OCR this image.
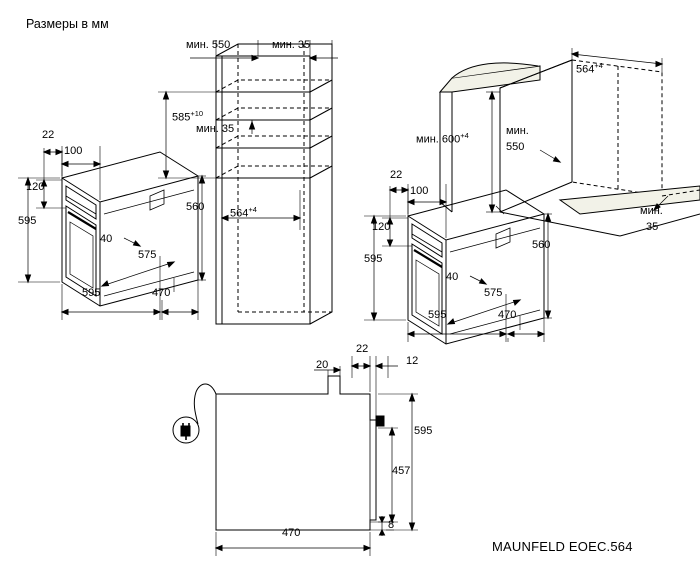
Размеры в мм
22
100
120
595
40
575
595	470
560
мин. 550	мин. 35
$585^{+10}$
мин. 35
$564^{+4}$
22
100
120
595
40
575
595	470
560
$564^{+4}$
мин. $600^{+4}$	мин.
550
мин.
35
20
22
12
595
457
8
470
MAUNFELD EOEC.564
